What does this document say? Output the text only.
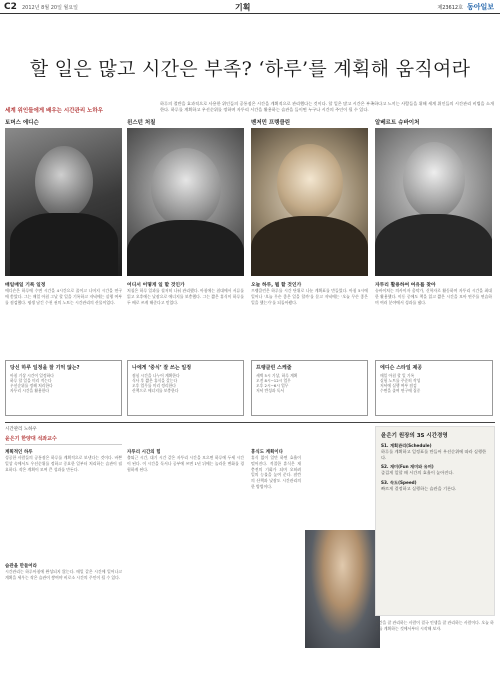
C2 2012년 8월 20일 월요일	기획	제23612호 동아일보
할 일은 많고 시간은 부족? ‘하루’를 계획해 움직여라
세계 위인들에게 배우는 시간관리 노하우
하루의 절반을 효과적으로 사용한 위인들의 공통점은 시간을 계획적으로 관리했다는 것이다. 할 일은 많고 시간은 부족하다고 느끼는 사람들을 위해 세계 위인들의 시간관리 비법을 소개한다. 하루를 계획하고 우선순위를 정하며 자투리 시간을 활용하는 습관을 들이면 누구나 시간의 주인이 될 수 있다.
토머스 에디슨	윈스턴 처칠	벤저민 프랭클린	알베르트 슈바이처
매일매일 기록 일정
에디슨은 하루에 수면 시간을 4시간으로 줄이고 나머지 시간을 연구에 쏟았다. 그는 매일 아침 그날 할 일을 기록하고 저녁에는 실행 여부를 점검했다. 평생 남긴 수천 권의 노트는 시간관리의 산물이었다.
어디서 어떻게 일 할 것인가
처칠은 하루 일과를 철저히 나눠 관리했다. 아침에는 침대에서 서류를 읽고 오후에는 낮잠으로 에너지를 보충했다. 그는 짧은 휴식이 하루를 두 배로 쓰게 해준다고 믿었다.
오늘 하루, 뭘 할 것인가
프랭클린은 하루를 시간 단위로 나눈 계획표를 만들었다. 아침 5시에 일어나 ‘오늘 무슨 좋은 일을 할까’를 묻고 저녁에는 ‘오늘 무슨 좋은 일을 했는가’를 되돌아봤다.
자투리 활용하여 여유를 찾아
슈바이처는 의사이자 음악가, 신학자로 활동하며 자투리 시간을 최대한 활용했다. 이동 중에도 책을 읽고 짧은 시간을 모아 연주를 연습하며 여러 분야에서 성과를 냈다.
당신 하루 일정을 잘 기억 않는?
아침 기상 시간이 일정하다
하루 할 일을 미리 적는다
우선순위를 정해 처리한다
자투리 시간을 활용한다
나에게 ‘중식’ 잘 쓰는 일정
점심 시간을 나누어 계획한다
식사 후 짧은 휴식을 갖는다
오후 업무를 미리 정리한다
산책으로 에너지를 보충한다
프랭클린 스케줄
새벽 5시 기상, 하루 계획
오전 8시∼12시 업무
오후 2시∼6시 업무
저녁 반성과 독서
에디슨 스타일 제공
매일 아침 할 일 기록
실험 노트를 꾸준히 작성
저녁에 실행 여부 점검
수면을 줄여 연구에 집중
시간관리 노하우
윤은기 한양대 석좌교수
계획적인 하루
성공한 사람들의 공통점은 하루를 계획적으로 보낸다는 것이다. 바쁜 일상 속에서도 우선순위를 정하고 중요한 일부터 처리하는 습관이 필요하다. 작은 계획이 모여 큰 성과를 만든다.
자투리 시간의 힘
출퇴근 시간, 대기 시간 같은 자투리 시간을 모으면 하루에 두세 시간이 된다. 이 시간을 독서나 공부에 쓰면 1년 뒤에는 놀라운 변화를 경험하게 된다.
휴식도 계획이다
휴식 없이 일만 하면 효율이 떨어진다. 적절한 휴식은 재충전의 기회가 되며 오히려 일의 능률을 높여 준다. 잠깐의 산책과 낮잠도 시간관리의 한 방법이다.
습관을 만들어라
시간관리는 하루아침에 완성되지 않는다. 매일 같은 시간에 일어나고 계획을 세우는 작은 습관이 쌓여야 비로소 시간의 주인이 될 수 있다.
윤은기 원장의 3S 시간경영
S1. 계획관리(Schedule)
하루를 계획하고 일정표를 만들어 우선순위에 따라 실행한다.
S2. 재미(Fun 재미와 유머)
즐겁게 일할 때 시간의 효율이 높아진다.
S3. 속도(Speed)
빠르게 결정하고 실행하는 습관을 기른다.
시간을 잘 관리하는 사람이 결국 인생을 잘 관리하는 사람이다. 오늘 하루를 계획하는 것에서부터 시작해 보자.
